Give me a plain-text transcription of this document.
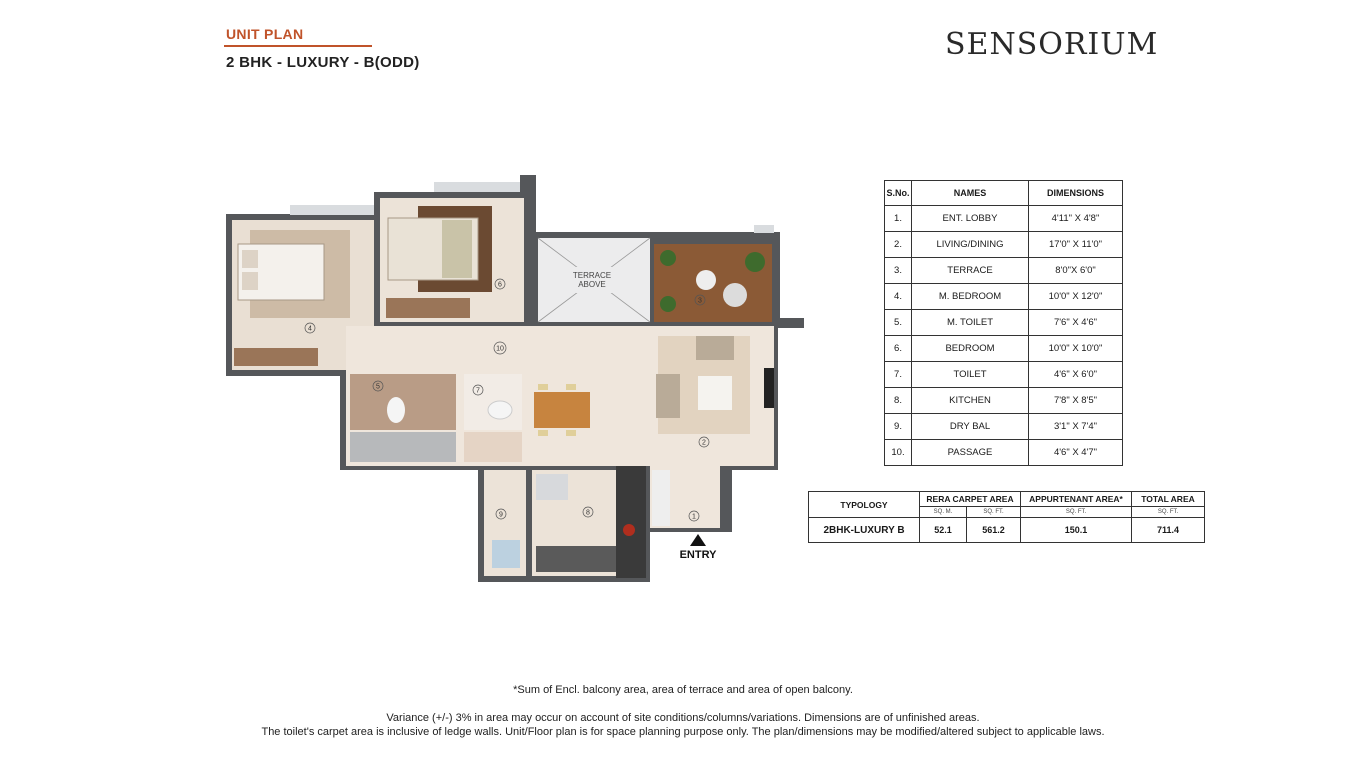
UNIT PLAN
2 BHK - LUXURY - B(ODD)
SENSORIUM
TERRACE
ABOVE
ENTRY
1
2
3
4
5
6
7
8
9
10
S.No.	NAMES	DIMENSIONS
1.	ENT. LOBBY	4'11" X 4'8"
2.	LIVING/DINING	17'0" X 11'0"
3.	TERRACE	8'0"X 6'0"
4.	M. BEDROOM	10'0" X 12'0"
5.	M. TOILET	7'6" X 4'6"
6.	BEDROOM	10'0" X 10'0"
7.	TOILET	4'6" X 6'0"
8.	KITCHEN	7'8" X 8'5"
9.	DRY BAL	3'1" X 7'4"
10.	PASSAGE	4'6" X 4'7"
TYPOLOGY	RERA CARPET AREA		APPURTENANT AREA*	TOTAL AREA
	SQ. M.	SQ. FT.	SQ. FT.	SQ. FT.
2BHK-LUXURY B	52.1	561.2	150.1	711.4
*Sum of Encl. balcony area, area of terrace and area of open balcony.
Variance (+/-) 3% in area may occur on account of site conditions/columns/variations. Dimensions are of unfinished areas.
The toilet's carpet area is inclusive of ledge walls. Unit/Floor plan is for space planning purpose only. The plan/dimensions may be modified/altered subject to applicable laws.
